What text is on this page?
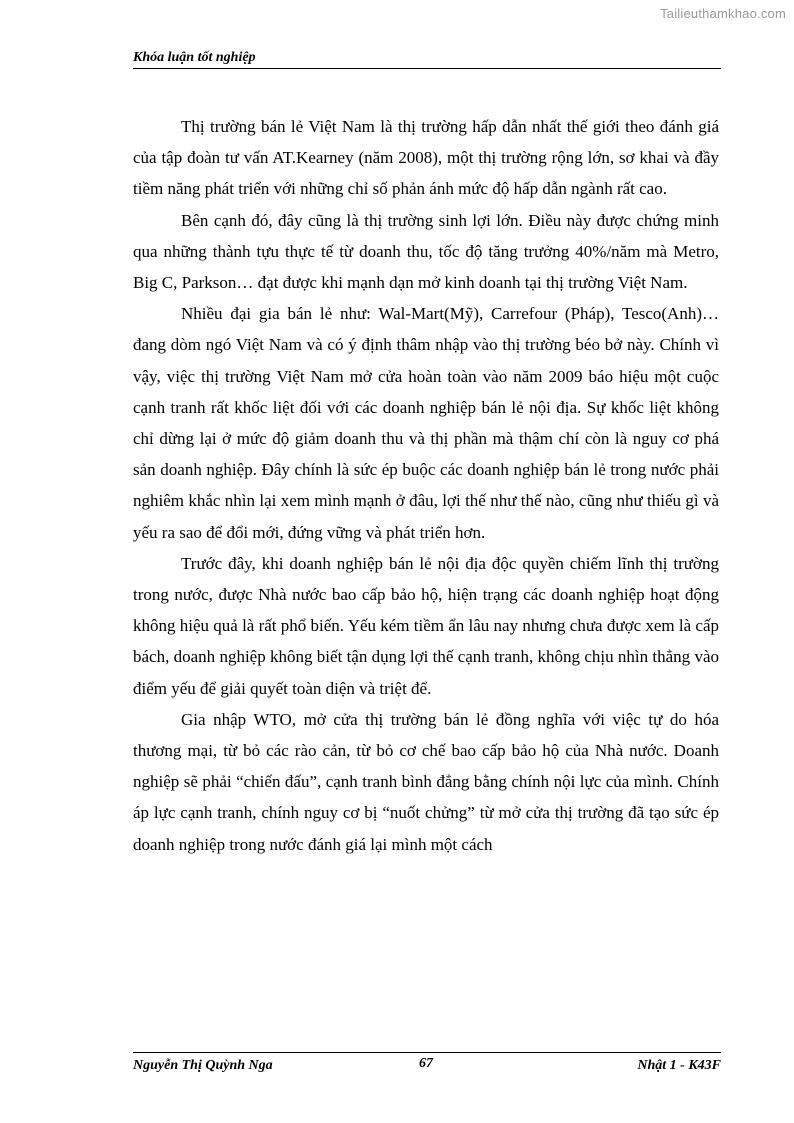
Tailieuthamkhao.com
Khóa luận tốt nghiệp

Thị trường bán lẻ Việt Nam là thị trường hấp dẫn nhất thế giới theo đánh giá của tập đoàn tư vấn AT.Kearney (năm 2008), một thị trường rộng lớn, sơ khai và đầy tiềm năng phát triển với những chỉ số phản ánh mức độ hấp dẫn ngành rất cao.

Bên cạnh đó, đây cũng là thị trường sinh lợi lớn. Điều này được chứng minh qua những thành tựu thực tế từ doanh thu, tốc độ tăng trưởng 40%/năm mà Metro, Big C, Parkson… đạt được khi mạnh dạn mở kinh doanh tại thị trường Việt Nam.

Nhiều đại gia bán lẻ như: Wal-Mart(Mỹ), Carrefour (Pháp), Tesco(Anh)… đang dòm ngó Việt Nam và có ý định thâm nhập vào thị trường béo bở này. Chính vì vậy, việc thị trường Việt Nam mở cửa hoàn toàn vào năm 2009 báo hiệu một cuộc cạnh tranh rất khốc liệt đối với các doanh nghiệp bán lẻ nội địa. Sự khốc liệt không chỉ dừng lại ở mức độ giảm doanh thu và thị phần mà thậm chí còn là nguy cơ phá sản doanh nghiệp. Đây chính là sức ép buộc các doanh nghiệp bán lẻ trong nước phải nghiêm khắc nhìn lại xem mình mạnh ở đâu, lợi thế như thế nào, cũng như thiếu gì và yếu ra sao để đổi mới, đứng vững và phát triển hơn.

Trước đây, khi doanh nghiệp bán lẻ nội địa độc quyền chiếm lĩnh thị trường trong nước, được Nhà nước bao cấp bảo hộ, hiện trạng các doanh nghiệp hoạt động không hiệu quả là rất phổ biến. Yếu kém tiềm ẩn lâu nay nhưng chưa được xem là cấp bách, doanh nghiệp không biết tận dụng lợi thế cạnh tranh, không chịu nhìn thẳng vào điểm yếu để giải quyết toàn diện và triệt để.

Gia nhập WTO, mở cửa thị trường bán lẻ đồng nghĩa với việc tự do hóa thương mại, từ bỏ các rào cản, từ bỏ cơ chế bao cấp bảo hộ của Nhà nước. Doanh nghiệp sẽ phải “chiến đấu”, cạnh tranh bình đẳng bằng chính nội lực của mình. Chính áp lực cạnh tranh, chính nguy cơ bị “nuốt chửng” từ mở cửa thị trường đã tạo sức ép doanh nghiệp trong nước đánh giá lại mình một cách

Nguyễn Thị Quỳnh Nga	67	Nhật 1 - K43F
